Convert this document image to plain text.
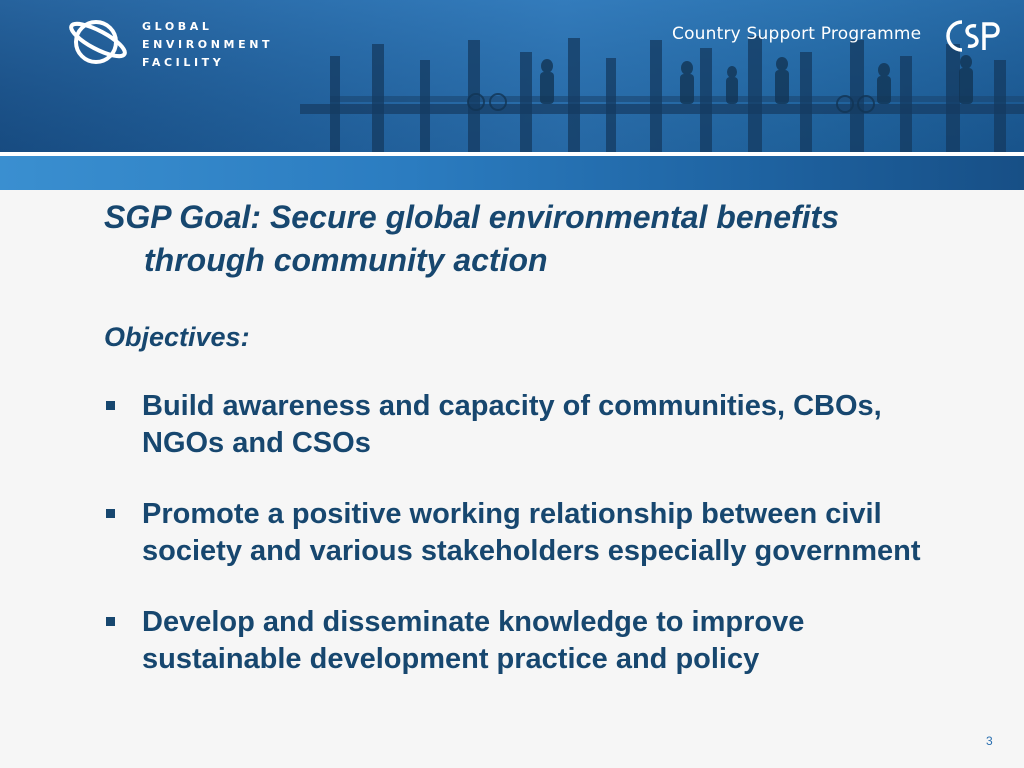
GLOBAL
ENVIRONMENT
FACILITY
Country Support Programme

SGP Goal: Secure global environmental benefits through community action

Objectives:

Build awareness and capacity of communities, CBOs, NGOs and CSOs
Promote a positive working relationship between civil society and various stakeholders especially government
Develop and disseminate knowledge to improve sustainable development practice and policy
3
